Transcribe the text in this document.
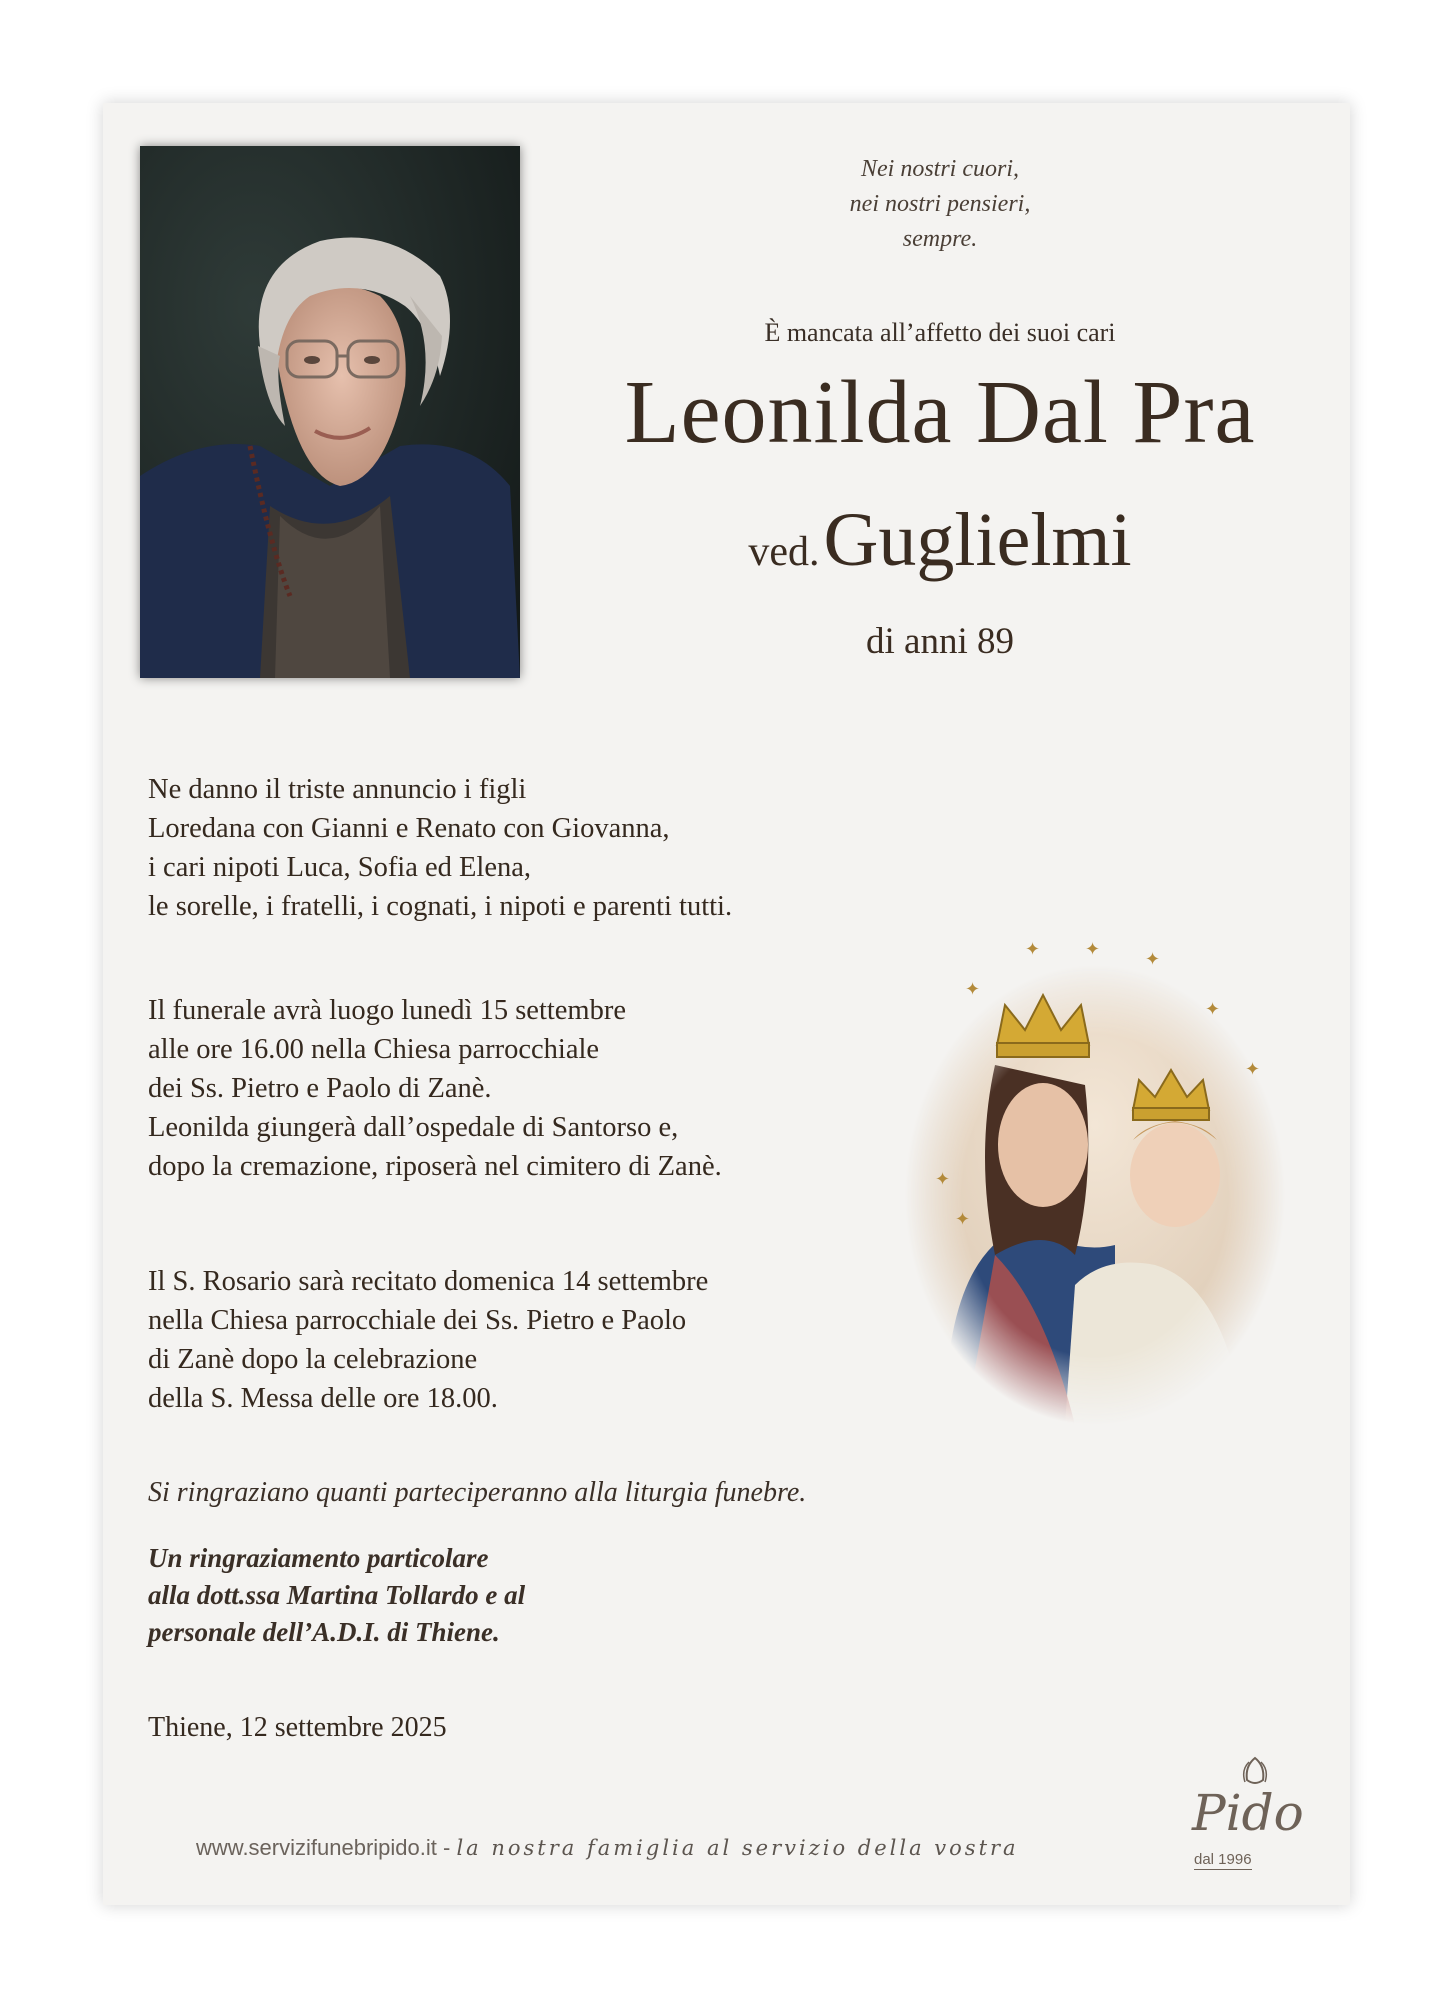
Nei nostri cuori,
nei nostri pensieri,
sempre.
È mancata all’affetto dei suoi cari
Leonilda Dal Pra
ved. Guglielmi
di anni 89
Ne danno il triste annuncio i figli
Loredana con Gianni e Renato con Giovanna,
i cari nipoti Luca, Sofia ed Elena,
le sorelle, i fratelli, i cognati, i nipoti e parenti tutti.
Il funerale avrà luogo lunedì 15 settembre
alle ore 16.00 nella Chiesa parrocchiale
dei Ss. Pietro e Paolo di Zanè.
Leonilda giungerà dall’ospedale di Santorso e,
dopo la cremazione, riposerà nel cimitero di Zanè.
Il S. Rosario sarà recitato domenica 14 settembre
nella Chiesa parrocchiale dei Ss. Pietro e Paolo
di Zanè dopo la celebrazione
della S. Messa delle ore 18.00.
Si ringraziano quanti parteciperanno alla liturgia funebre.
Un ringraziamento particolare
alla dott.ssa Martina Tollardo e al
personale dell’A.D.I. di Thiene.
Thiene, 12 settembre 2025
✦
✦ ✦
✦
✦
✦
✦
✦
www.servizifunebripido.it - la nostra famiglia al servizio della vostra
Pido
dal 1996
